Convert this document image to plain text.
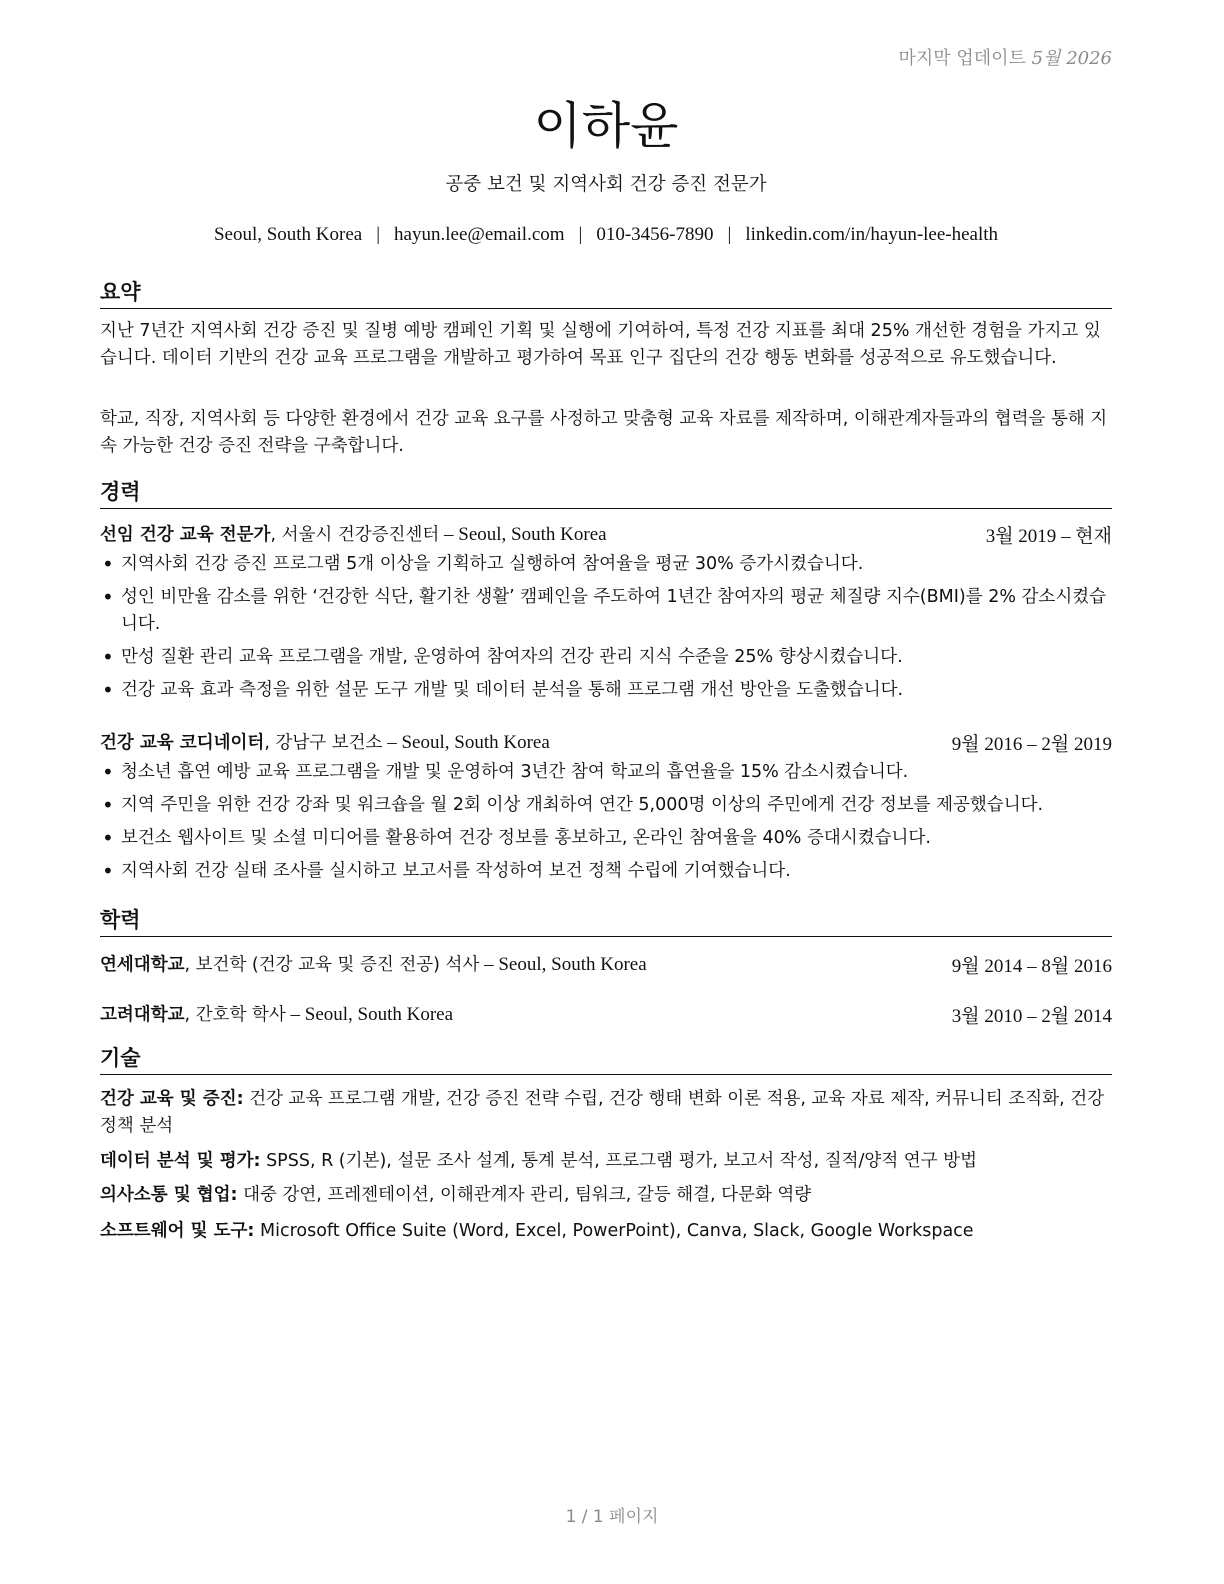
마지막 업데이트 5월 2026
이하윤
공중 보건 및 지역사회 건강 증진 전문가
Seoul, South Korea | hayun.lee@email.com | 010-3456-7890 | linkedin.com/in/hayun-lee-health
요약
지난 7년간 지역사회 건강 증진 및 질병 예방 캠페인 기획 및 실행에 기여하여, 특정 건강 지표를 최대 25% 개선한 경험을 가지고 있습니다. 데이터 기반의 건강 교육 프로그램을 개발하고 평가하여 목표 인구 집단의 건강 행동 변화를 성공적으로 유도했습니다.
학교, 직장, 지역사회 등 다양한 환경에서 건강 교육 요구를 사정하고 맞춤형 교육 자료를 제작하며, 이해관계자들과의 협력을 통해 지속 가능한 건강 증진 전략을 구축합니다.
경력
선임 건강 교육 전문가, 서울시 건강증진센터 – Seoul, South Korea	3월 2019 – 현재
• 지역사회 건강 증진 프로그램 5개 이상을 기획하고 실행하여 참여율을 평균 30% 증가시켰습니다.
• 성인 비만율 감소를 위한 ‘건강한 식단, 활기찬 생활’ 캠페인을 주도하여 1년간 참여자의 평균 체질량 지수(BMI)를 2% 감소시켰습니다.
• 만성 질환 관리 교육 프로그램을 개발, 운영하여 참여자의 건강 관리 지식 수준을 25% 향상시켰습니다.
• 건강 교육 효과 측정을 위한 설문 도구 개발 및 데이터 분석을 통해 프로그램 개선 방안을 도출했습니다.
건강 교육 코디네이터, 강남구 보건소 – Seoul, South Korea	9월 2016 – 2월 2019
• 청소년 흡연 예방 교육 프로그램을 개발 및 운영하여 3년간 참여 학교의 흡연율을 15% 감소시켰습니다.
• 지역 주민을 위한 건강 강좌 및 워크숍을 월 2회 이상 개최하여 연간 5,000명 이상의 주민에게 건강 정보를 제공했습니다.
• 보건소 웹사이트 및 소셜 미디어를 활용하여 건강 정보를 홍보하고, 온라인 참여율을 40% 증대시켰습니다.
• 지역사회 건강 실태 조사를 실시하고 보고서를 작성하여 보건 정책 수립에 기여했습니다.
학력
연세대학교, 보건학 (건강 교육 및 증진 전공) 석사 – Seoul, South Korea	9월 2014 – 8월 2016
고려대학교, 간호학 학사 – Seoul, South Korea	3월 2010 – 2월 2014
기술
건강 교육 및 증진: 건강 교육 프로그램 개발, 건강 증진 전략 수립, 건강 행태 변화 이론 적용, 교육 자료 제작, 커뮤니티 조직화, 건강 정책 분석
데이터 분석 및 평가: SPSS, R (기본), 설문 조사 설계, 통계 분석, 프로그램 평가, 보고서 작성, 질적/양적 연구 방법
의사소통 및 협업: 대중 강연, 프레젠테이션, 이해관계자 관리, 팀워크, 갈등 해결, 다문화 역량
소프트웨어 및 도구: Microsoft Office Suite (Word, Excel, PowerPoint), Canva, Slack, Google Workspace
1 / 1 페이지
